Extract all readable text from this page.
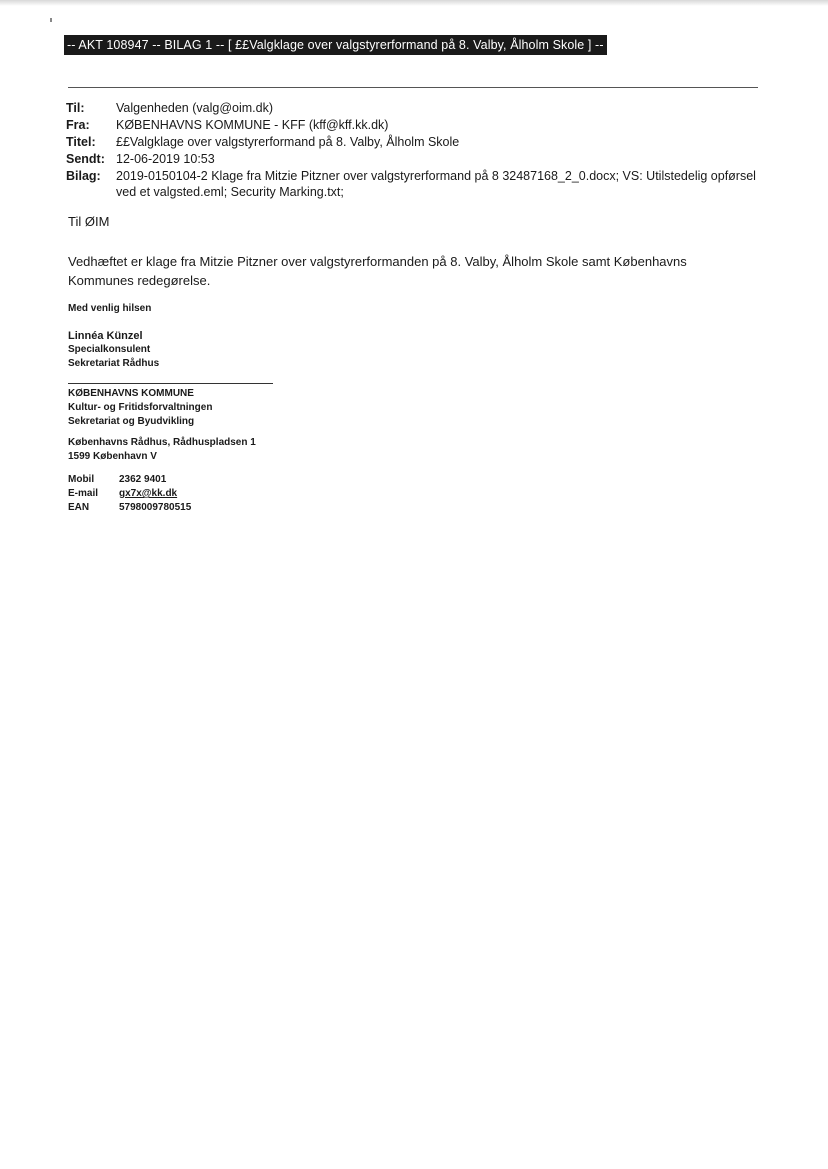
-- AKT 108947 -- BILAG 1 -- [ ££Valgklage over valgstyrerformand på 8. Valby, Ålholm Skole ] --
Til:	Valgenheden (valg@oim.dk)
Fra:	KØBENHAVNS KOMMUNE - KFF (kff@kff.kk.dk)
Titel:	££Valgklage over valgstyrerformand på 8. Valby, Ålholm Skole
Sendt: 12-06-2019 10:53
Bilag:	2019-0150104-2 Klage fra Mitzie Pitzner over valgstyrerformand på 8 32487168_2_0.docx; VS: Utilstedelig opførsel ved et valgsted.eml; Security Marking.txt;
Til ØIM
Vedhæftet er klage fra Mitzie Pitzner over valgstyrerformanden på 8. Valby, Ålholm Skole samt Københavns Kommunes redegørelse.
Med venlig hilsen
Linnéa Künzel
Specialkonsulent
Sekretariat Rådhus
KØBENHAVNS KOMMUNE
Kultur- og Fritidsforvaltningen
Sekretariat og Byudvikling
Københavns Rådhus, Rådhuspladsen 1
1599 København V
Mobil	2362 9401
E-mail	gx7x@kk.dk
EAN	5798009780515
